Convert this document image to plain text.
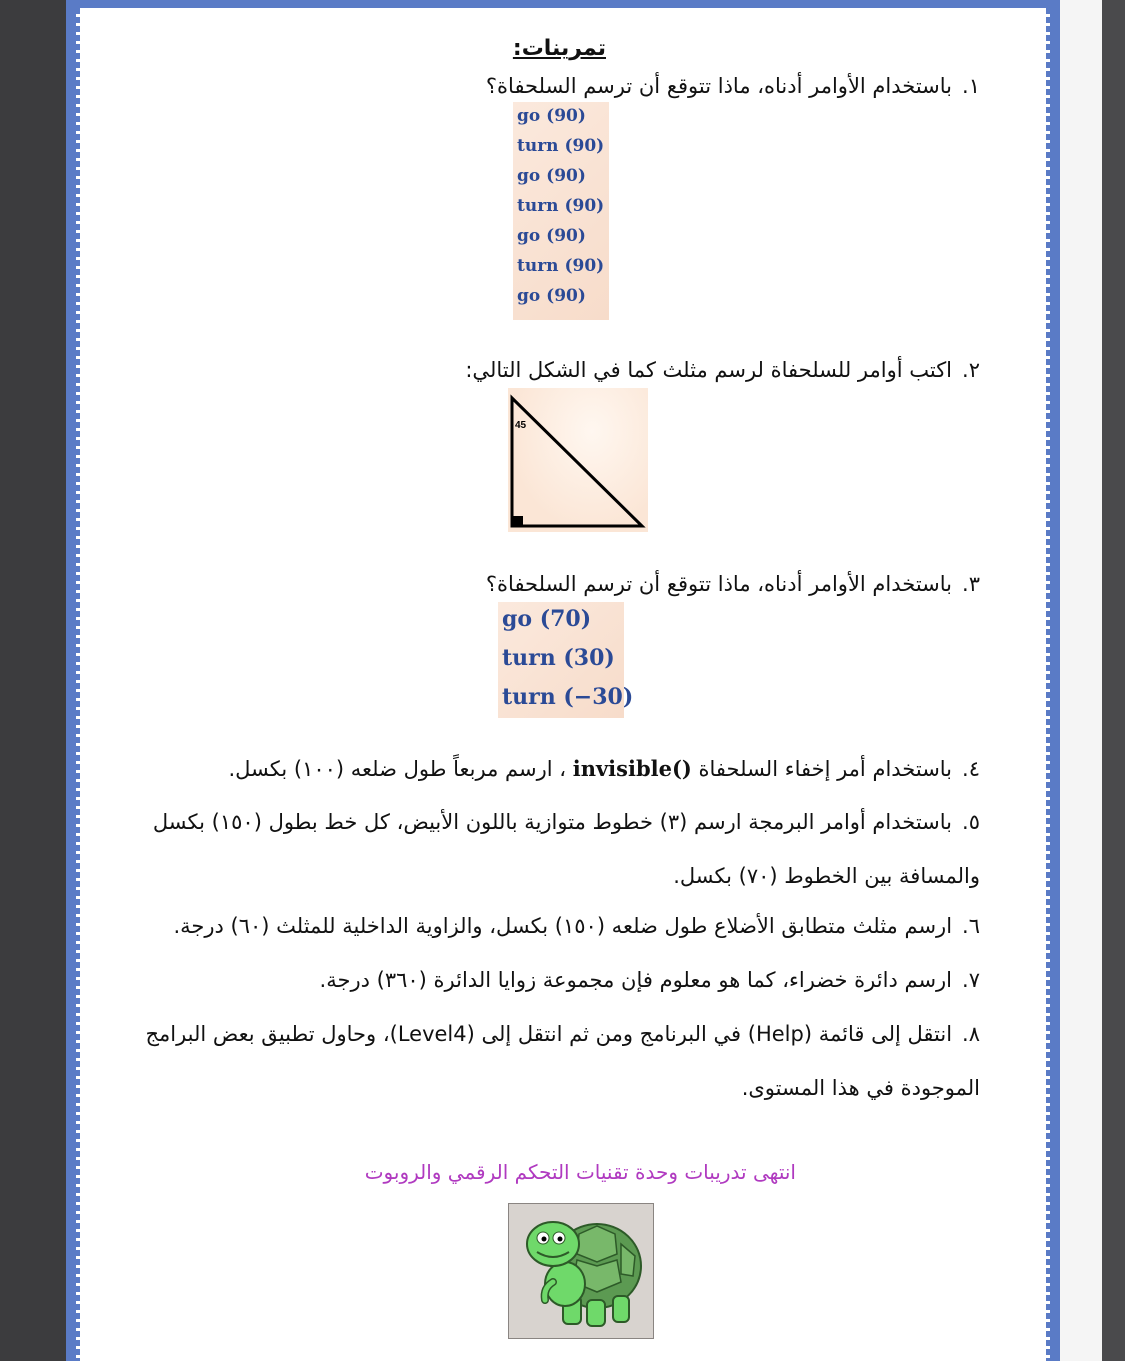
تمرينات:
١.باستخدام الأوامر أدناه، ماذا تتوقع أن ترسم السلحفاة؟
go (90)
turn (90)
go (90)
turn (90)
go (90)
turn (90)
go (90)
٢.اكتب أوامر للسلحفاة لرسم مثلث كما في الشكل التالي:
45
٣.باستخدام الأوامر أدناه، ماذا تتوقع أن ترسم السلحفاة؟
go (70)
turn (30)
turn (−30)
٤.باستخدام أمر إخفاء السلحفاة invisible() ، ارسم مربعاً طول ضلعه (١٠٠) بكسل.
٥.باستخدام أوامر البرمجة ارسم (٣) خطوط متوازية باللون الأبيض، كل خط بطول (١٥٠) بكسل
والمسافة بين الخطوط (٧٠) بكسل.
٦.ارسم مثلث متطابق الأضلاع طول ضلعه (١٥٠) بكسل، والزاوية الداخلية للمثلث (٦٠) درجة.
٧.ارسم دائرة خضراء، كما هو معلوم فإن مجموعة زوايا الدائرة (٣٦٠) درجة.
٨.انتقل إلى قائمة (Help) في البرنامج ومن ثم انتقل إلى (Level4)، وحاول تطبيق بعض البرامج
الموجودة في هذا المستوى.
انتهى تدريبات وحدة تقنيات التحكم الرقمي والروبوت
